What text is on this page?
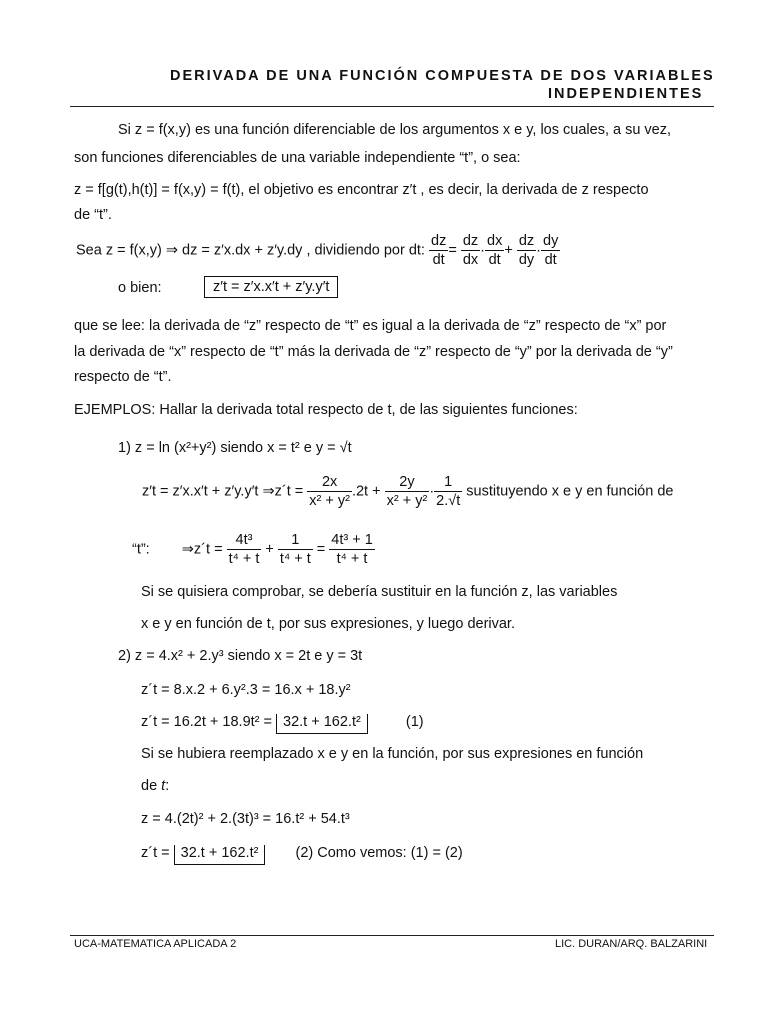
DERIVADA DE UNA FUNCIÓN COMPUESTA DE DOS VARIABLES
INDEPENDIENTES
Si z = f(x,y) es una función diferenciable de los argumentos x e y, los cuales, a su vez,
son funciones diferenciables de una variable independiente “t”, o sea:
z = f[g(t),h(t)] = f(x,y) = f(t), el objetivo es encontrar z′t , es decir, la derivada de z respecto
de “t”.
Sea z = f(x,y) ⇒ dz = z′x.dx + z′y.dy , dividiendo por dt: $\frac{dz}{dt} = \frac{dz}{dx} \cdot \frac{dx}{dt} + \frac{dz}{dy} \cdot \frac{dy}{dt}$
o bien:	z′t = z′x.x′t + z′y.y′t
que se lee: la derivada de “z” respecto de “t” es igual a la derivada de “z” respecto de “x” por
la derivada de “x” respecto de “t” más la derivada de “z” respecto de “y” por la derivada de “y”
respecto de “t”.
EJEMPLOS: Hallar la derivada total respecto de t, de las siguientes funciones:
1) z = ln (x²+y²) siendo x = t² e y = √t
z′t = z′x.x′t + z′y.y′t ⇒z´t = $\frac{2x}{\text{x² + y²}} .2t + \frac{2y}{\text{x² + y²}} \cdot \frac{1}{2.√t}$ sustituyendo x e y en función de
“t”: ⇒z´t = $\frac{\text{4t³}}{\text{t⁴ + t}} + \frac{1}{\text{t⁴ + t}} = \frac{\text{4t³ + 1}}{\text{t⁴ + t}}$
Si se quisiera comprobar, se debería sustituir en la función z, las variables
x e y en función de t, por sus expresiones, y luego derivar.
2) z = 4.x² + 2.y³ siendo x = 2t e y = 3t
z´t = 8.x.2 + 6.y².3 = 16.x + 18.y²
z´t = 16.2t + 18.9t² = 32.t + 162.t²	(1)
Si se hubiera reemplazado x e y en la función, por sus expresiones en función
de t:
z = 4.(2t)² + 2.(3t)³ = 16.t² + 54.t³
z´t = 32.t + 162.t²	(2) Como vemos: (1) = (2)
UCA-MATEMATICA APLICADA 2	LIC. DURAN/ARQ. BALZARINI
